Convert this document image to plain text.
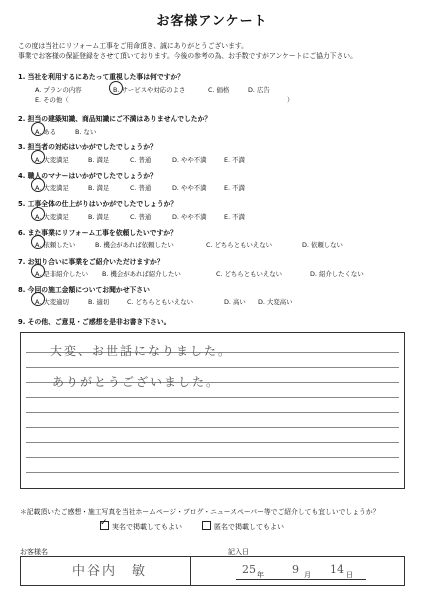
お客様アンケート
この度は当社にリフォーム工事をご用命頂き、誠にありがとうございます。
事業でお客様の保証登録をさせて頂いております。今後の参考の為、お手数ですがアンケートにご協力下さい。
1. 当社を利用するにあたって重視した事は何ですか？
A. プランの内容	B. サービスや対応のよさ	C. 価格	D. 広告
E. その他（	）
2. 担当の建築知識、商品知識にご不満はありませんでしたか？
A. ある	B. ない
3. 担当者の対応はいかがでしたでしょうか？
A. 大変満足	B. 満足	C. 普通	D. やや不満	E. 不満
4. 職人のマナーはいかがでしたでしょうか？
A. 大変満足	B. 満足	C. 普通	D. やや不満	E. 不満
5. 工事全体の仕上がりはいかがでしたでしょうか？
A. 大変満足	B. 満足	C. 普通	D. やや不満	E. 不満
6. また事業にリフォーム工事を依頼したいですか？
A. 依頼したい	B. 機会があれば依頼したい	C. どちらともいえない	D. 依頼しない
7. お知り合いに事業をご紹介いただけますか？
A. 是非紹介したい B. 機会があれば紹介したい	C. どちらともいえない	D. 紹介したくない
8. 今回の施工金額についてお聞かせ下さい
A. 大変適切	B. 適切	C. どちらともいえない	D. 高い D. 大変高い
9. その他、ご意見・ご感想を是非お書き下さい。
大変、お世話になりました。
ありがとうございました。
＊記載頂いたご感想・施工写真を当社ホームページ・ブログ・ニュースペーパー等でご紹介しても宜しいでしょうか？
✓ 実名で掲載してもよい	匿名で掲載してもよい
お客様名	記入日
中谷内　敏	25 年	9 月 14 日
